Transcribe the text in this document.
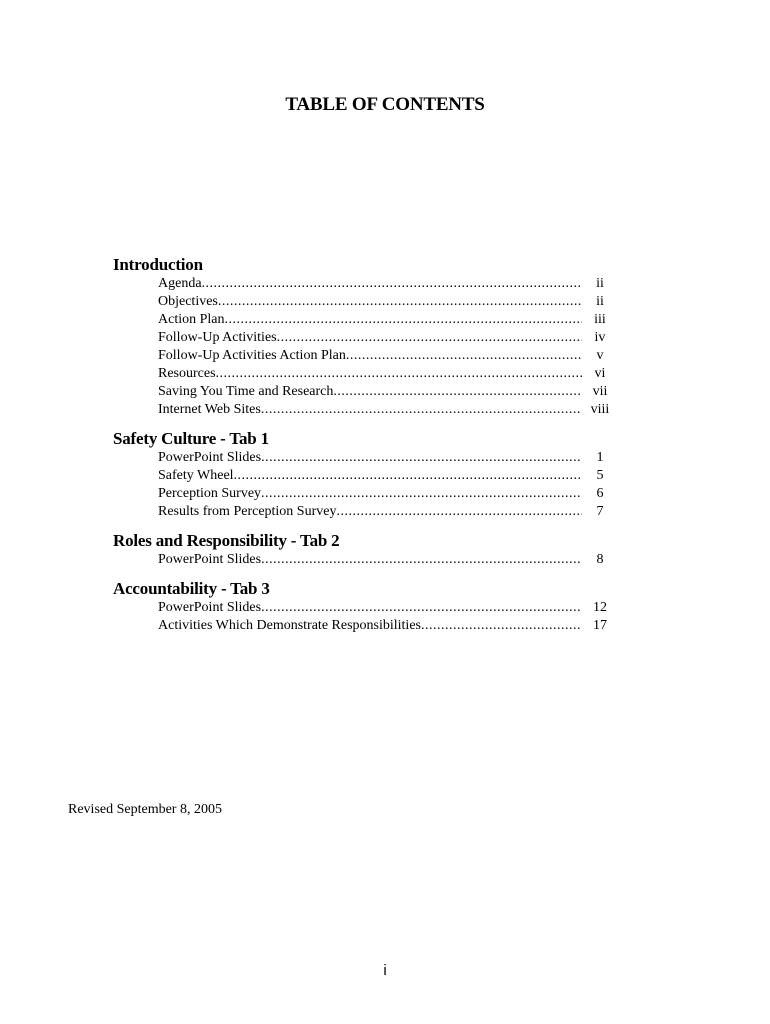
TABLE OF CONTENTS
Introduction
Agenda .....	ii
Objectives .....	ii
Action Plan .....	iii
Follow-Up Activities .....	iv
Follow-Up Activities Action Plan .....	v
Resources .....	vi
Saving You Time and Research .....	vii
Internet Web Sites .....	viii
Safety Culture - Tab 1
PowerPoint Slides .....	1
Safety Wheel .....	5
Perception Survey .....	6
Results from Perception Survey .....	7
Roles and Responsibility - Tab 2
PowerPoint Slides .....	8
Accountability - Tab 3
PowerPoint Slides .....	12
Activities Which Demonstrate Responsibilities .....	17
Revised September 8, 2005
i
